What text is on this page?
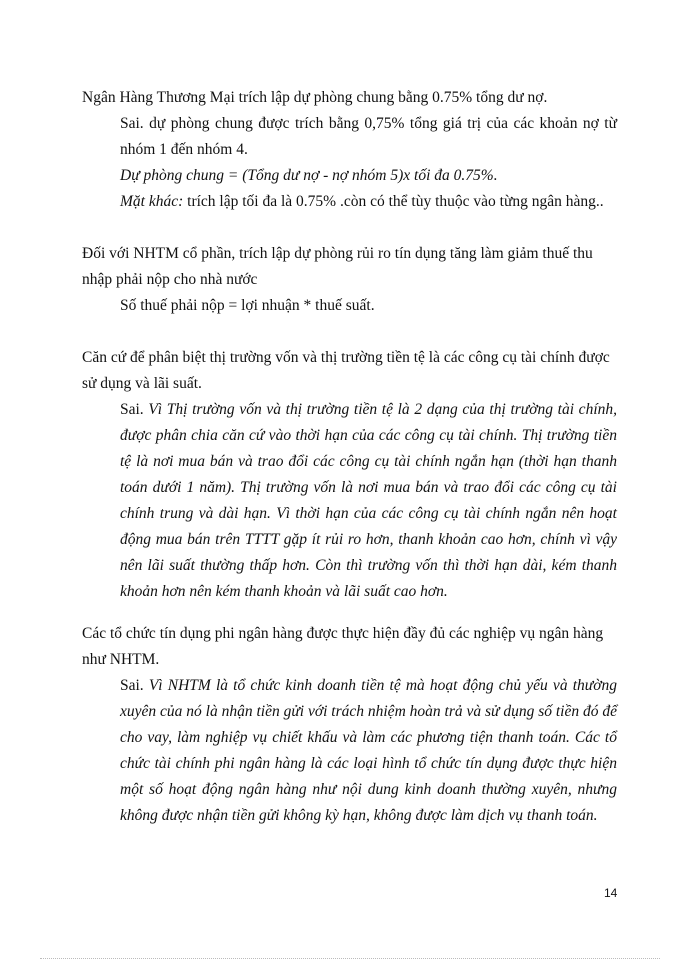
Ngân Hàng Thương Mại trích lập dự phòng chung bằng 0.75% tổng dư nợ.

Sai. dự phòng chung được trích bằng 0,75% tổng giá trị của các khoản nợ từ nhóm 1 đến nhóm 4.

Dự phòng chung = (Tổng dư nợ - nợ nhóm 5)x tối đa 0.75%.

Mặt khác: trích lập tối đa là 0.75% .còn có thể tùy thuộc vào từng ngân hàng..

Đối với NHTM cổ phần, trích lập dự phòng rủi ro tín dụng tăng làm giảm thuế thu nhập phải nộp cho nhà nước

Số thuế phải nộp = lợi nhuận * thuế suất.

Căn cứ để phân biệt thị trường vốn và thị trường tiền tệ là các công cụ tài chính được sử dụng và lãi suất.

Sai. Vì Thị trường vốn và thị trường tiền tệ là 2 dạng của thị trường tài chính, được phân chia căn cứ vào thời hạn của các công cụ tài chính. Thị trường tiền tệ là nơi mua bán và trao đổi các công cụ tài chính ngắn hạn (thời hạn thanh toán dưới 1 năm). Thị trường vốn là nơi mua bán và trao đổi các công cụ tài chính trung và dài hạn. Vì thời hạn của các công cụ tài chính ngắn nên hoạt động mua bán trên TTTT gặp ít rủi ro hơn, thanh khoản cao hơn, chính vì vậy nên lãi suất thường thấp hơn. Còn thì trường vốn thì thời hạn dài, kém thanh khoản hơn nên kém thanh khoản và lãi suất cao hơn.

Các tổ chức tín dụng phi ngân hàng được thực hiện đầy đủ các nghiệp vụ ngân hàng như NHTM.

Sai. Vì NHTM là tổ chức kinh doanh tiền tệ mà hoạt động chủ yếu và thường xuyên của nó là nhận tiền gửi với trách nhiệm hoàn trả và sử dụng số tiền đó để cho vay, làm nghiệp vụ chiết khấu và làm các phương tiện thanh toán. Các tổ chức tài chính phi ngân hàng là các loại hình tổ chức tín dụng được thực hiện một số hoạt động ngân hàng như nội dung kinh doanh thường xuyên, nhưng không được nhận tiền gửi không kỳ hạn, không được làm dịch vụ thanh toán.

14
